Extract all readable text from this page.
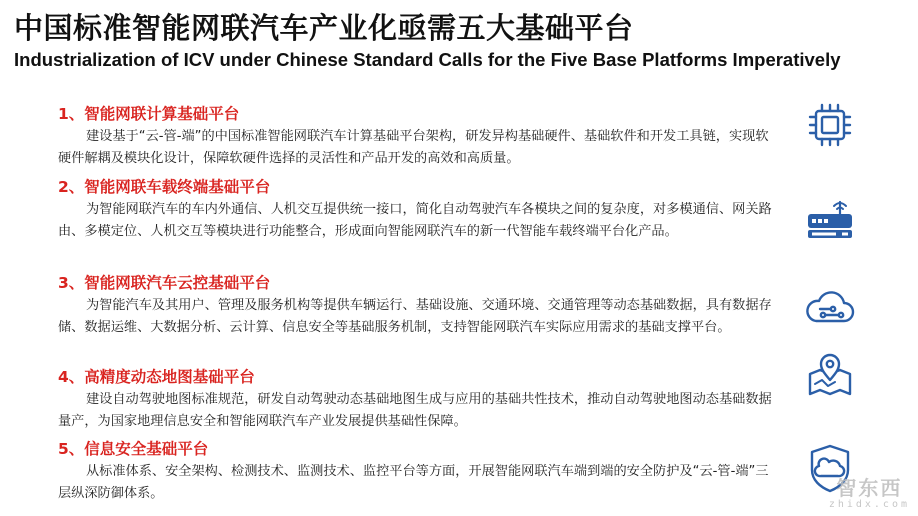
中国标准智能网联汽车产业化亟需五大基础平台
Industrialization of ICV under Chinese Standard Calls for the Five Base Platforms Imperatively
1、智能网联计算基础平台
建设基于“云-管-端”的中国标准智能网联汽车计算基础平台架构，研发异构基础硬件、基础软件和开发工具链，实现软硬件解耦及模块化设计，保障软硬件选择的灵活性和产品开发的高效和高质量。
2、智能网联车载终端基础平台
为智能网联汽车的车内外通信、人机交互提供统一接口，简化自动驾驶汽车各模块之间的复杂度，对多模通信、网关路由、多模定位、人机交互等模块进行功能整合，形成面向智能网联汽车的新一代智能车载终端平台化产品。
3、智能网联汽车云控基础平台
为智能汽车及其用户、管理及服务机构等提供车辆运行、基础设施、交通环境、交通管理等动态基础数据，具有数据存储、数据运维、大数据分析、云计算、信息安全等基础服务机制，支持智能网联汽车实际应用需求的基础支撑平台。
4、高精度动态地图基础平台
建设自动驾驶地图标准规范，研发自动驾驶动态基础地图生成与应用的基础共性技术，推动自动驾驶地图动态基础数据量产，为国家地理信息安全和智能网联汽车产业发展提供基础性保障。
5、信息安全基础平台
从标准体系、安全架构、检测技术、监测技术、监控平台等方面，开展智能网联汽车端到端的安全防护及“云-管-端”三层纵深防御体系。	智东西
zhidx.com
